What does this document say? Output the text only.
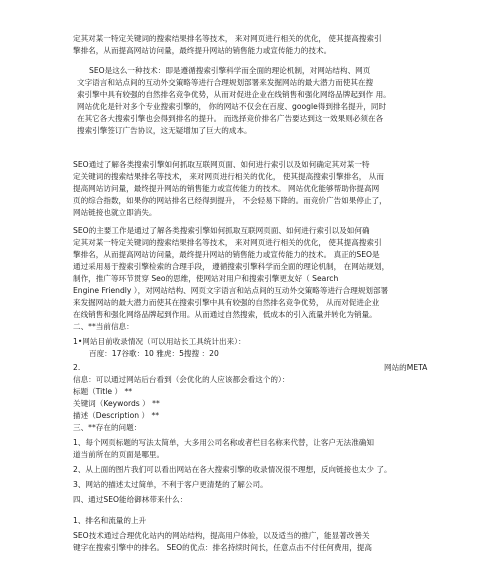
定其对某一特定关键词的搜索结果排名等技术， 来对网页进行相关的优化， 使其提高搜索引
擎排名，从而提高网站访问量，最终提升网站的销售能力或宣传能力的技术。
SEO是这么一种技术：即是遵循搜索引擎科学而全面的理论机制，对网站结构、网页
文字语言和站点间的互动外交策略等进行合理规划部署来发掘网站的最大潜力而使其在搜
索引擎中具有较强的自然排名竞争优势，从而对促进企业在线销售和强化网络品牌起到作 用。
网站优化是针对多个专业搜索引擎的， 你的网站不仅会在百度、google得到排名提升，同时
在其它各大搜索引擎也会得到排名的提升。 而选择竞价排名广告要达到这一效果则必须在各
搜索引擎签订广告协议，这无疑增加了巨大的成本。
SEO通过了解各类搜索引擎如何抓取互联网页面、如何进行索引以及如何确定其对某一特
定关键词的搜索结果排名等技术， 来对网页进行相关的优化， 使其提高搜索引擎排名， 从而
提高网站访问量，最终提升网站的销售能力或宣传能力的技术。 网站优化能够帮助你提高网
页的综合指数，如果你的网站排名已经得到提升， 不会轻易下降的。而竞价广告如果停止了，
网站链接也就立即消失。
SEO的主要工作是通过了解各类搜索引擎如何抓取互联网页面、如何进行索引以及如何确
定其对某一特定关键词的搜索结果排名等技术， 来对网页进行相关的优化， 使其提高搜索引
擎排名，从而提高网站访问量，最终提升网站的销售能力或宣传能力的技术。 真正的SEO是
通过采用易于搜索引擎检索的合理手段， 遵循搜索引擎科学而全面的理论机制， 在网站规划，
制作，推广等环节贯穿 Seo的思维，使网站对用户和搜索引擎更友好（ Search
Engine Friendly ），对网站结构、网页文字语言和站点间的互动外交策略等进行合理规划部署
来发掘网站的最大潜力而使其在搜索引擎中具有较强的自然排名竞争优势， 从而对促进企业
在线销售和强化网络品牌起到作用。从而通过自然搜索，低成本的引入流量并转化为销量。
二、**当前信息：
1•网站目前收录情况（可以用站长工具统计出来）：
百度：17谷歌：10 雅虎：5搜搜 ：20
2.	网站的META
信息：可以通过网站后台看到（会优化的人应该都会看这个的）：
标题（Title ） **
关键词（Keywords ） **
描述（Description ） **
三、**存在的问题：
1、每个网页标题的写法太简单，大多用公司名称或者栏目名称来代替，让客户无法准确知
道当前所在的页面是哪里。
2、从上面的图片我们可以看出网站在各大搜索引擎的收录情况很不理想，反向链接也太少 了。
3、网站的描述太过简单，不利于客户更清楚的了解公司。
四、通过SEO能给御林带来什么：
1、排名和流量的上升
SEO技术通过合理优化站内的网站结构，提高用户体验，以及适当的推广，能显著改善关
键字在搜索引擎中的排名。 SEO的优点：排名持续时间长，任意点击不付任何费用，提高
